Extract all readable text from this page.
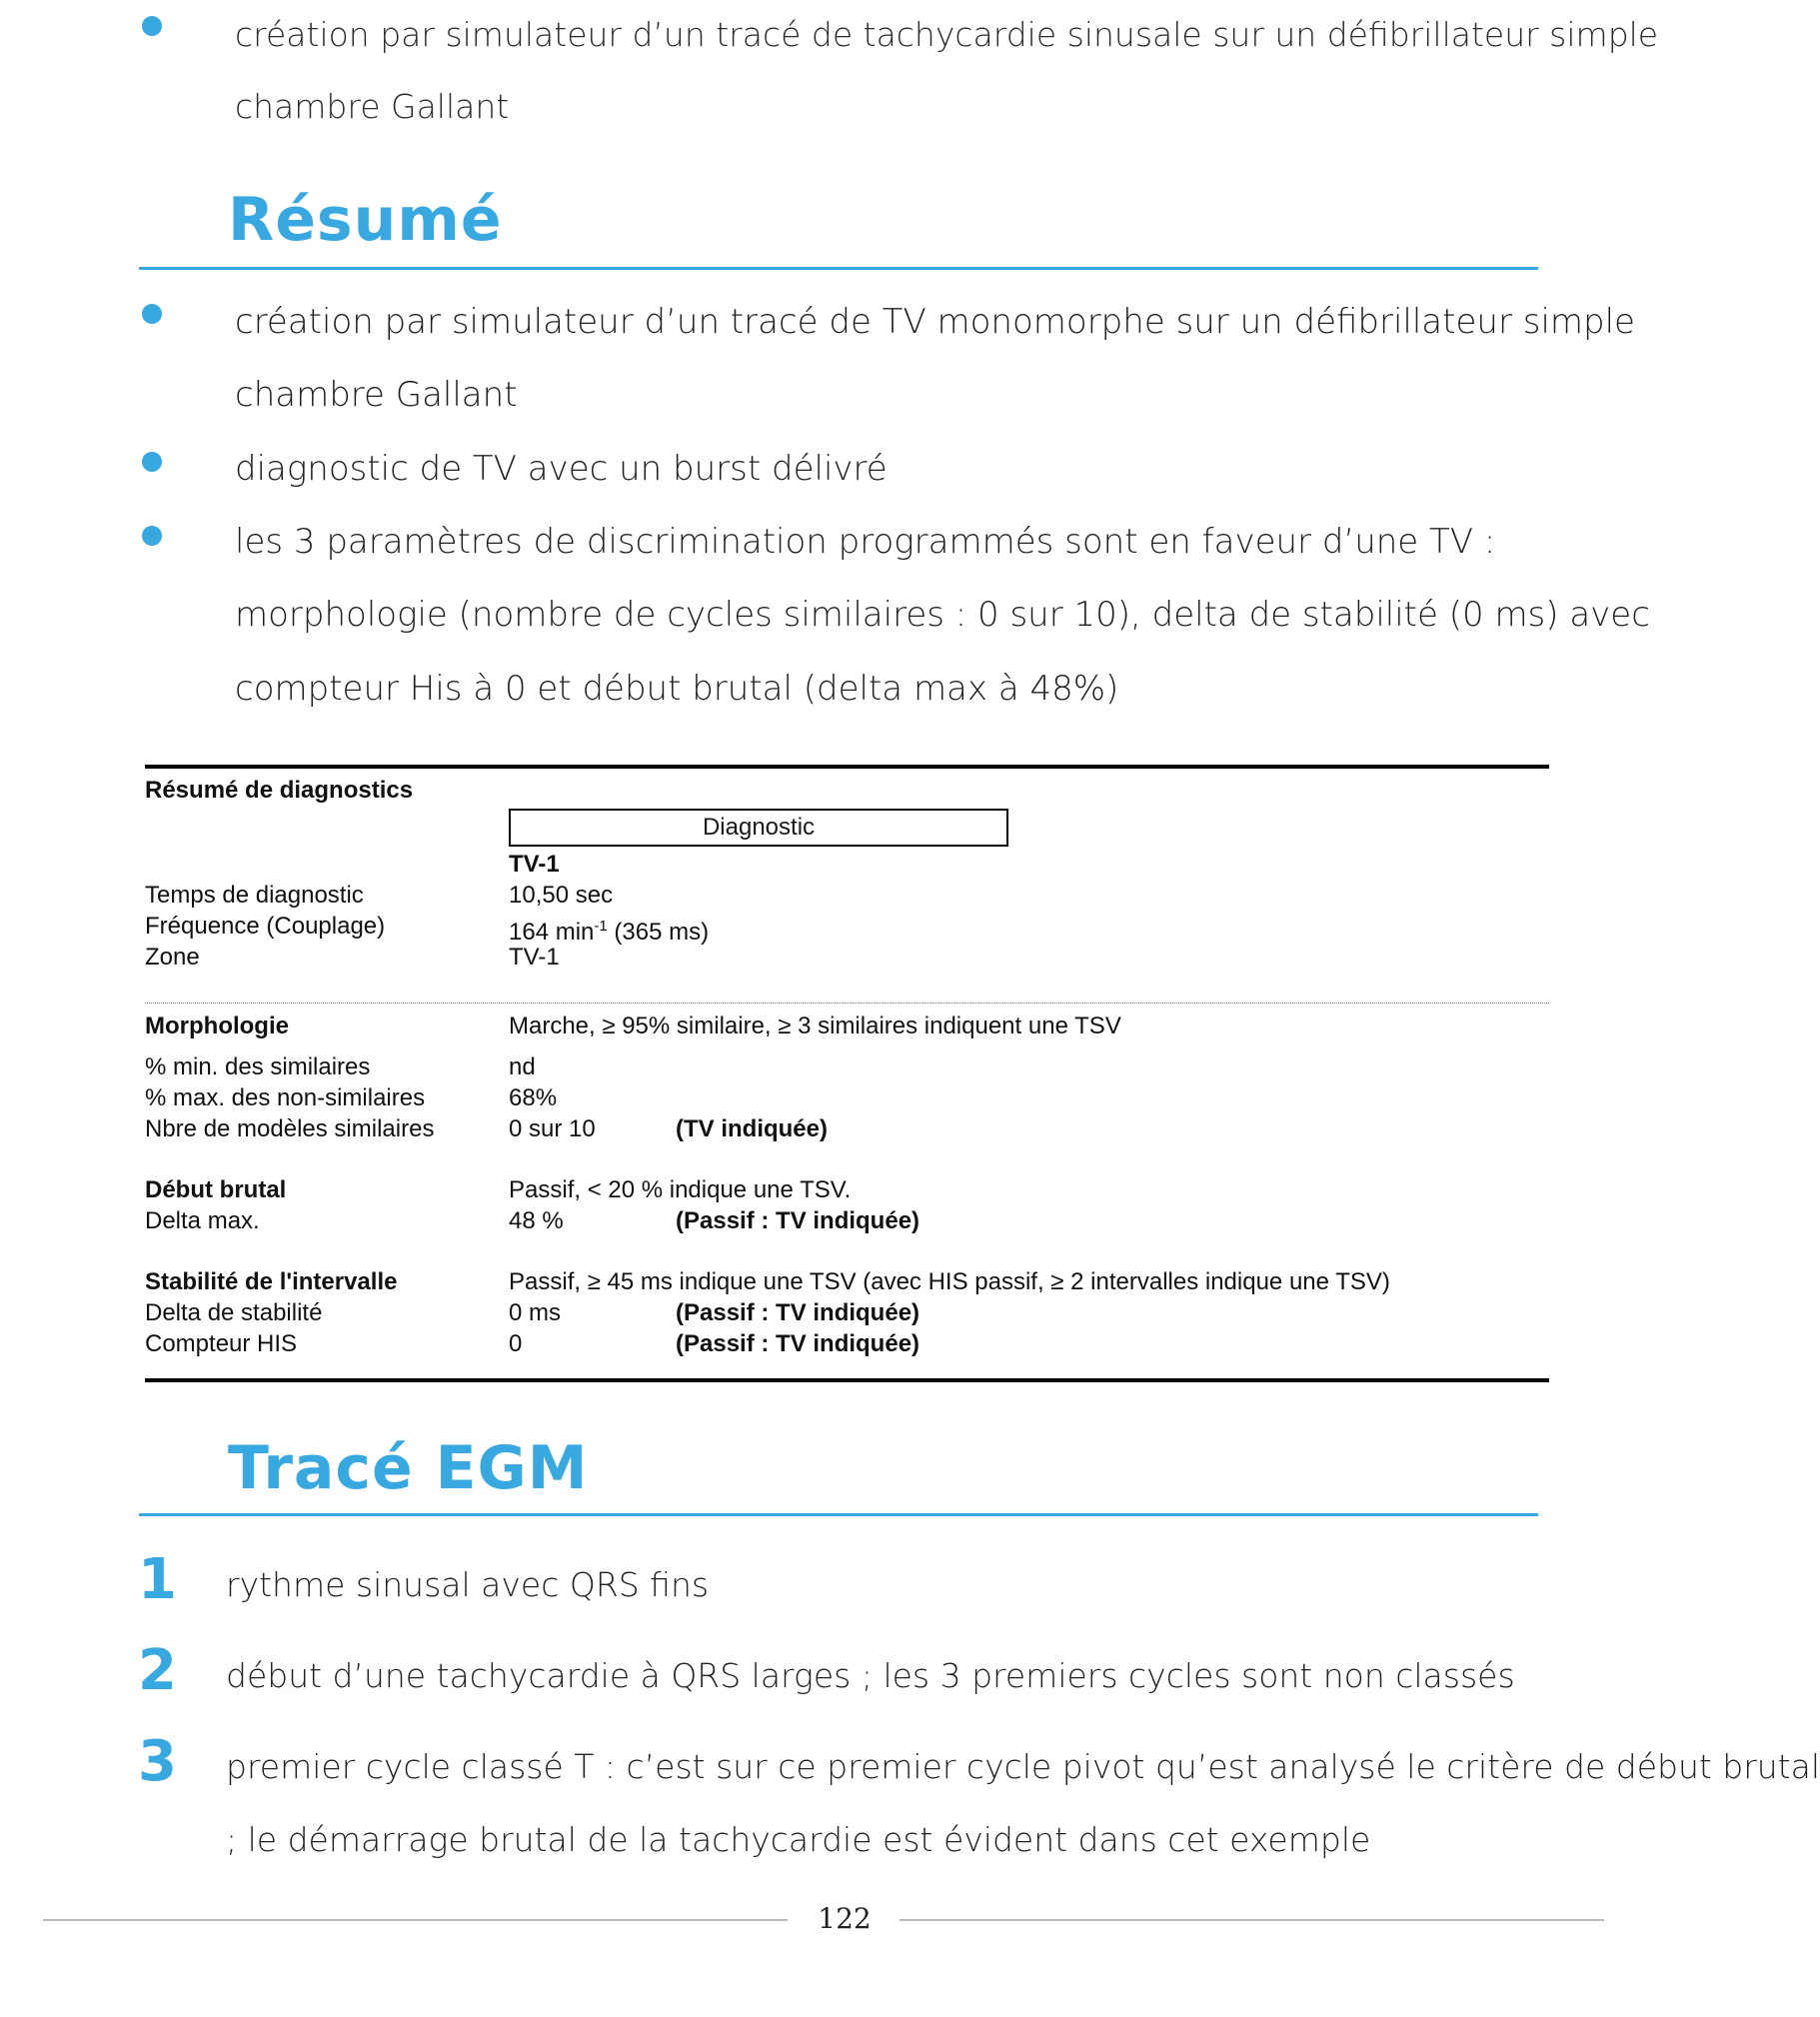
création par simulateur d’un tracé de tachycardie sinusale sur un défibrillateur simple
chambre Gallant
Résumé
création par simulateur d’un tracé de TV monomorphe sur un défibrillateur simple
chambre Gallant
diagnostic de TV avec un burst délivré
les 3 paramètres de discrimination programmés sont en faveur d’une TV :
morphologie (nombre de cycles similaires : 0 sur 10), delta de stabilité (0 ms) avec
compteur His à 0 et début brutal (delta max à 48%)
Résumé de diagnostics
Diagnostic
TV-1
Temps de diagnostic	10,50 sec
Fréquence (Couplage)	164 $\min^{-1} (365$ ms)
Zone	TV-1
Morphologie	Marche, ≥ 95% similaire, ≥ 3 similaires indiquent une TSV
% min. des similaires	nd
% max. des non-similaires	68%
Nbre de modèles similaires	0 sur 10	(TV indiquée)
Début brutal	Passif, < 20 % indique une TSV.
Delta max.	48 %	(Passif : TV indiquée)
Stabilité de l'intervalle	Passif, ≥ 45 ms indique une TSV (avec HIS passif, ≥ 2 intervalles indique une TSV)
Delta de stabilité	0 ms	(Passif : TV indiquée)
Compteur HIS	0	(Passif : TV indiquée)
Tracé EGM
1 rythme sinusal avec QRS fins
2 début d’une tachycardie à QRS larges ; les 3 premiers cycles sont non classés
3 premier cycle classé T : c’est sur ce premier cycle pivot qu’est analysé le critère de début brutal
; le démarrage brutal de la tachycardie est évident dans cet exemple
122
